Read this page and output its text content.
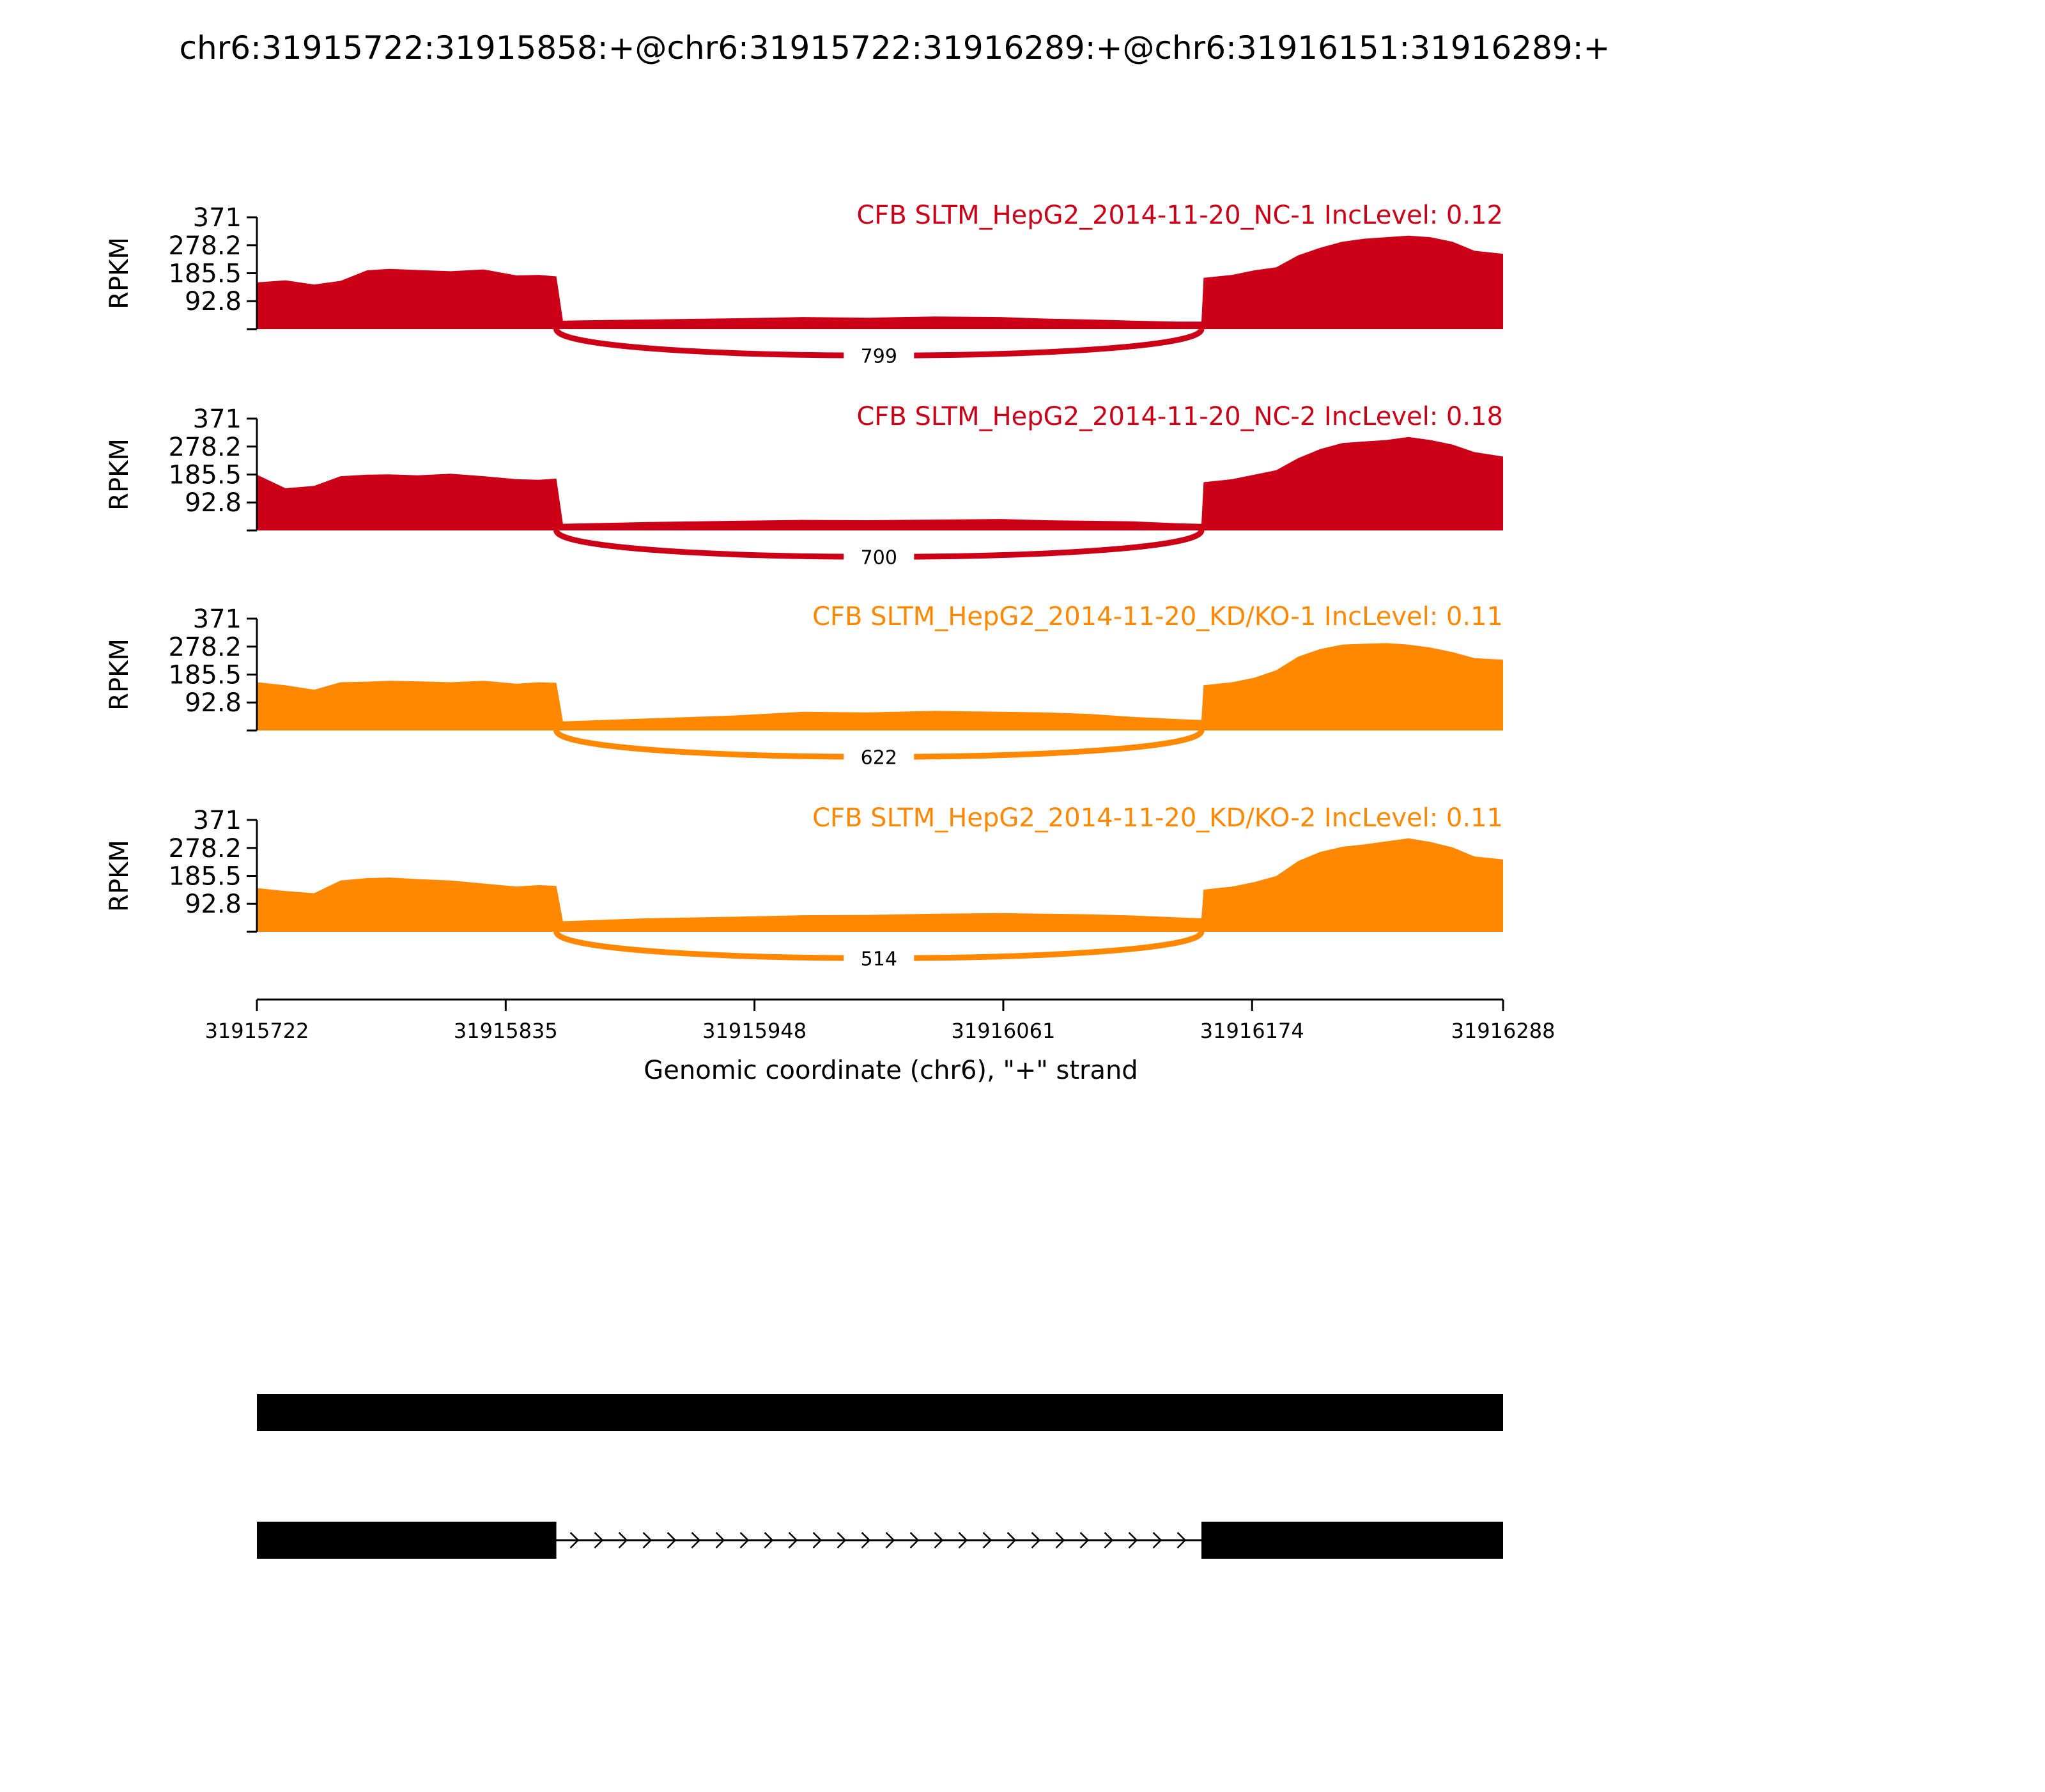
chr6:31915722:31915858:+@chr6:31915722:31916289:+@chr6:31916151:31916289:+
799
371
278.2
185.5
92.8
RPKM
CFB SLTM_HepG2_2014-11-20_NC-1 IncLevel: 0.12
700
371
278.2
185.5
92.8
RPKM
CFB SLTM_HepG2_2014-11-20_NC-2 IncLevel: 0.18
622
371
278.2
185.5
92.8
RPKM
CFB SLTM_HepG2_2014-11-20_KD/KO-1 IncLevel: 0.11
514
371
278.2
185.5
92.8
RPKM
CFB SLTM_HepG2_2014-11-20_KD/KO-2 IncLevel: 0.11
31915722	31915835	31915948	31916061	31916174	31916288
Genomic coordinate (chr6), "+" strand
